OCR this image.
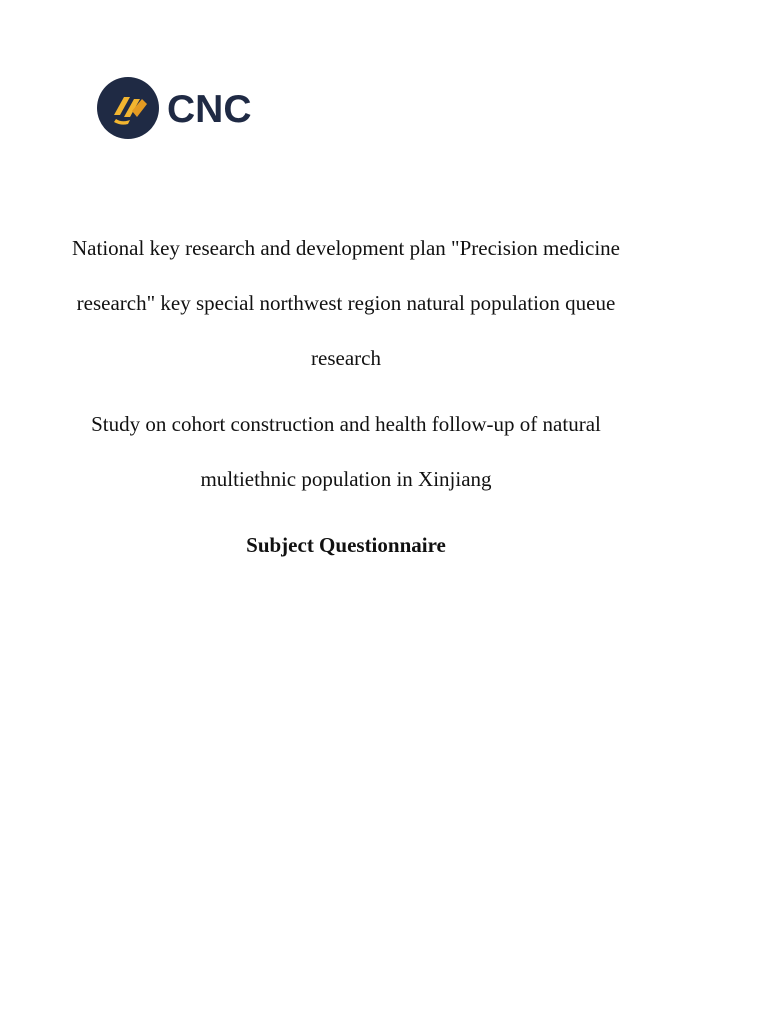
CNC
National key research and development plan "Precision medicine
research" key special northwest region natural population queue
research
Study on cohort construction and health follow-up of natural
multiethnic population in Xinjiang
Subject Questionnaire
